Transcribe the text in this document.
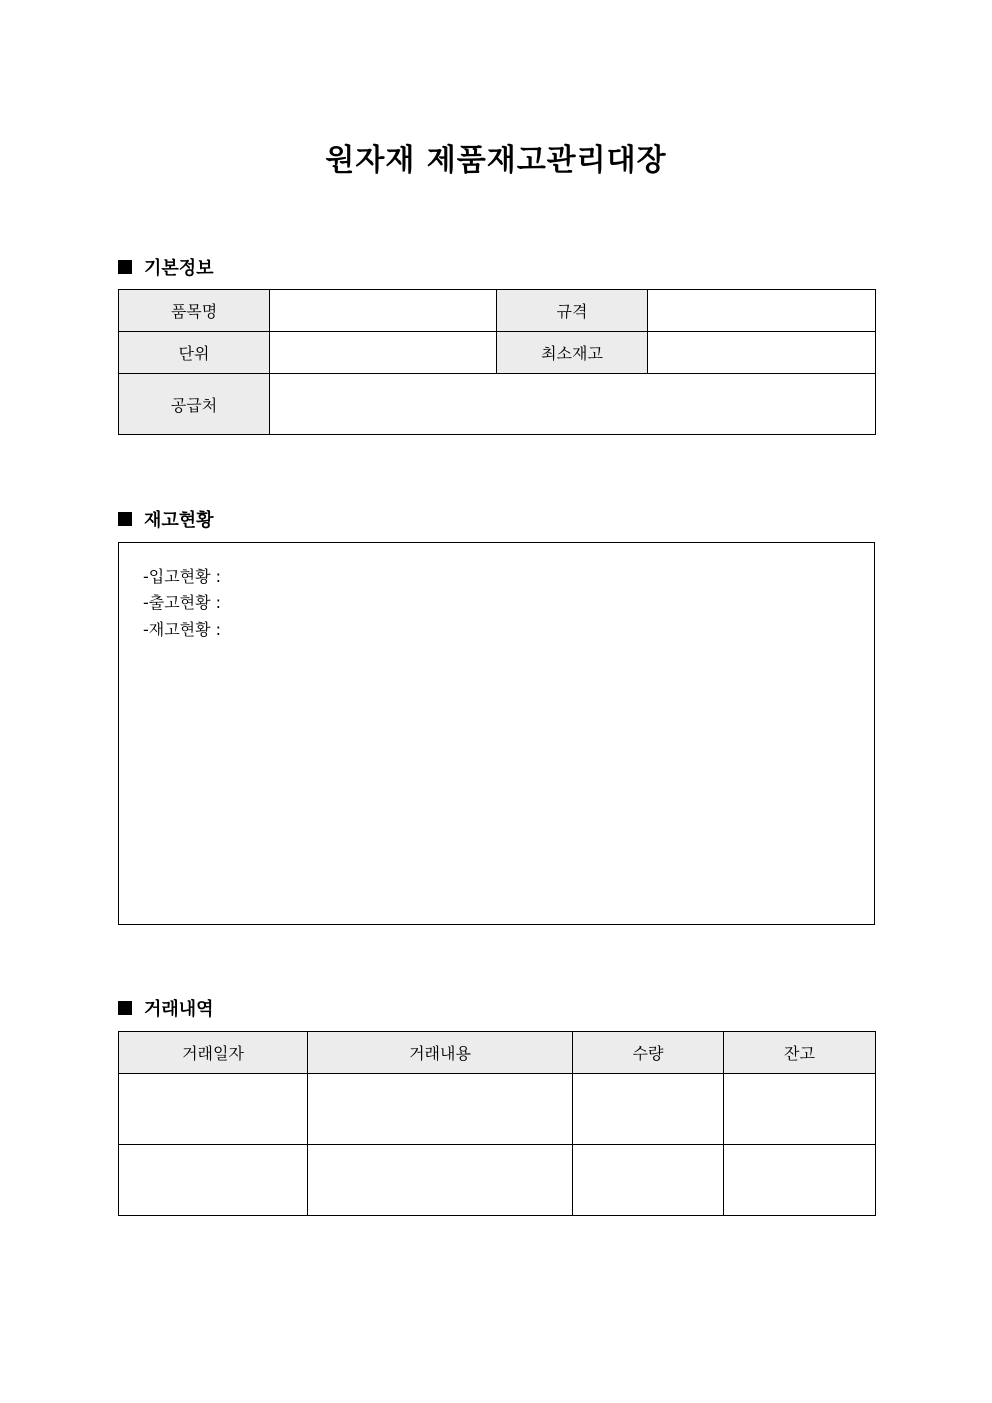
원자재 제품재고관리대장
기본정보
품목명		규격	
단위		최소재고	
공급처			
재고현황
-입고현황 :
-출고현황 :
-재고현황 :
거래내역
거래일자	거래내용	수량	잔고
